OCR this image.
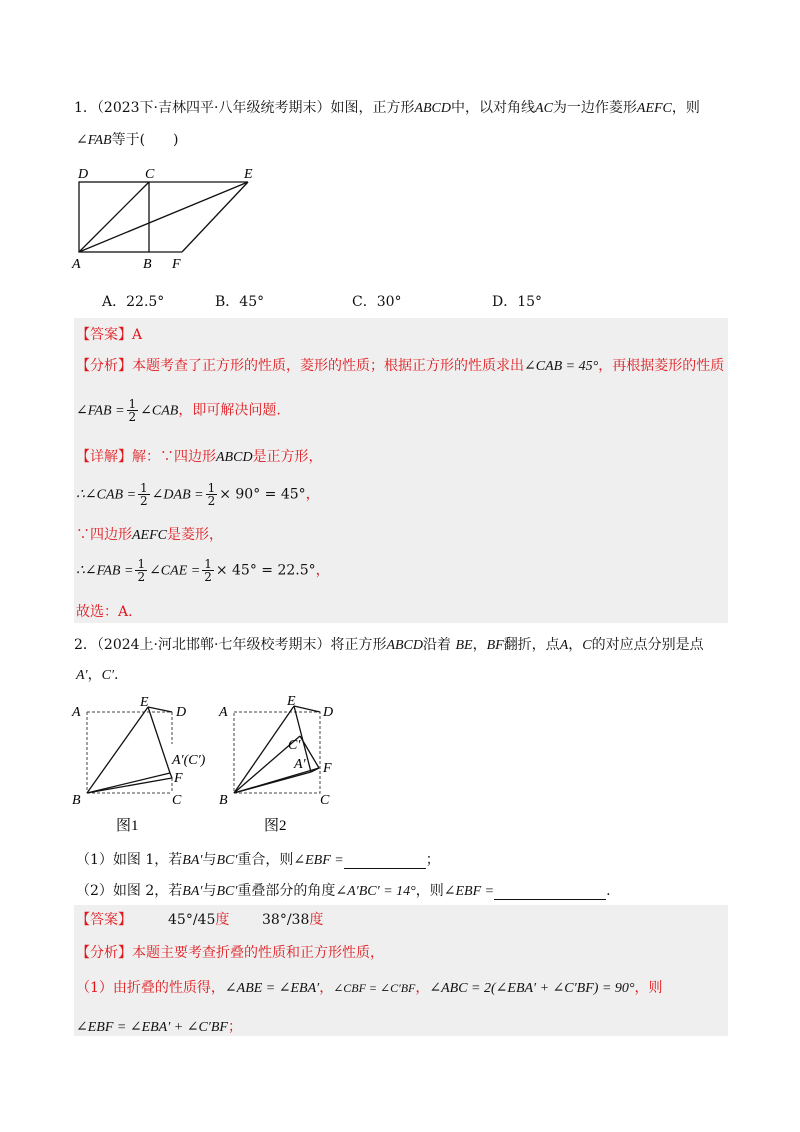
1．（2023下·吉林四平·八年级统考期末）如图，正方形ABCD中，以对角线AC为一边作菱形AEFC，则
∠FAB等于(　　)
D	C	E
A	B F
A．22.5°	B．45°	C．30°	D．15°
【答案】A
【分析】本题考查了正方形的性质，菱形的性质；根据正方形的性质求出∠CAB = 45°，再根据菱形的性质
∠FAB = $\frac{1}{2}$ ∠CAB，即可解决问题.
【详解】解：∵四边形ABCD是正方形，
∴∠CAB = $\frac{1}{2}$ ∠DAB = $\frac{1}{2} \times 90^\circ = 45^\circ$，
∵四边形AEFC是菱形，
∴∠FAB = $\frac{1}{2}$ ∠CAE = $\frac{1}{2} \times 45^\circ = 22.5^\circ$，
故选：A.
2．（2024上·河北邯郸·七年级校考期末）将正方形ABCD沿着 BE，BF翻折，点A，C的对应点分别是点
A′，C′.
A
E
D
A′(C′)
F
B	C
图1
A
E
D
C′
A′ F
B	C
图2
（1）如图 1，若BA′与BC′重合，则∠EBF =	；
（2）如图 2，若BA′与BC′重叠部分的角度∠A′BC′ = 14°，则∠EBF =	.
【答案】	45°/45度 38°/38度
【分析】本题主要考查折叠的性质和正方形性质，
（1）由折叠的性质得，∠ABE = ∠EBA′，∠CBF = ∠C′BF，∠ABC = 2(∠EBA′ + ∠C′BF) = 90°，则
∠EBF = ∠EBA′ + ∠C′BF；
